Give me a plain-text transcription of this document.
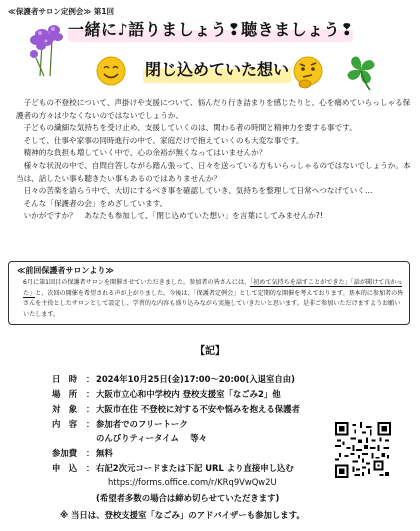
≪保護者サロン定例会≫ 第1回
一緒に♪語りましょう❢聴きましょう❢
閉じ込めていた想い

子どもの不登校について、声掛けや支援について、悩んだり行き詰まりを感じたりと、心を痛めていらっしゃる保護者の方々は少なくないのではないでしょうか。

子どもの繊細な気持ちを受け止め、支援していくのは、関わる者の時間と精神力を要する事です。

そして、仕事や家事の同時進行の中で、家庭だけで抱えていくのも大変な事です。

精神的な負担も増していく中で、心の余裕が無くなってはいませんか？

様々な状況の中で、自問自答しながら踏ん張って、日々を送っている方もいらっしゃるのではないでしょうか。本当は、話したい事も聴きたい事もあるのではありませんか？

日々の苦楽を語らう中で、大切にするべき事を確認していき、気持ちを整理して日常へつなげていく…

そんな「保護者の会」をめざしています。

いかがですか？　あなたも参加して、「閉じ込めていた想い」を言葉にしてみませんか?!

≪前回保護者サロンより≫
6月に第1回目の保護者サロンを開催させていただきました。参加者の皆さんには、「初めて気持ちを話すことができた」「話が聞けて良かった」と、次回の開催を希望される声が上がりました。今後は、「保護者定例会」として定期的な開催を考えております。基本的に参加者の皆さんを主役としたサロンとして設定し、学習的な内容も盛り込みながら実施していきたいと思います。是非ご参加いただけますようお願いいたします。
【記】
日　時	： 2024年10月25日(金)17:00～20:00(入退室自由)
場　所	： 大阪市立心和中学校内 登校支援室「なごみ2」他
対　象	： 大阪市在住 不登校に対する不安や悩みを抱える保護者
内　容	： 参加者でのフリートーク
のんびりティータイム　 等々
参加費	： 無料
申　込	： 右記2次元コードまたは下記 URL より直接申し込む
https://forms.office.com/r/KRq9VwQw2U
(希望者多数の場合は締め切らせていただきます)
※ 当日は、登校支援室「なごみ」のアドバイザーも参加します。
